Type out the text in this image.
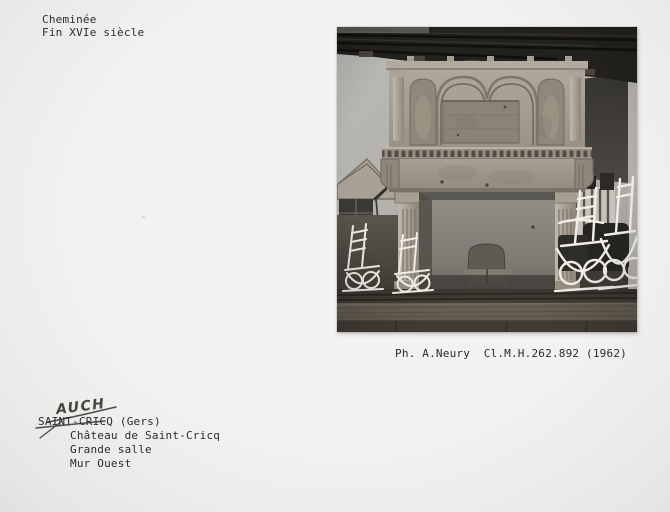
Cheminée
Fin XVIe siècle
Ph. A.Neury  Cl.M.H.262.892 (1962)
AUCH
SAINT-CRICQ (Gers)
Château de Saint-Cricq
Grande salle
Mur Ouest
